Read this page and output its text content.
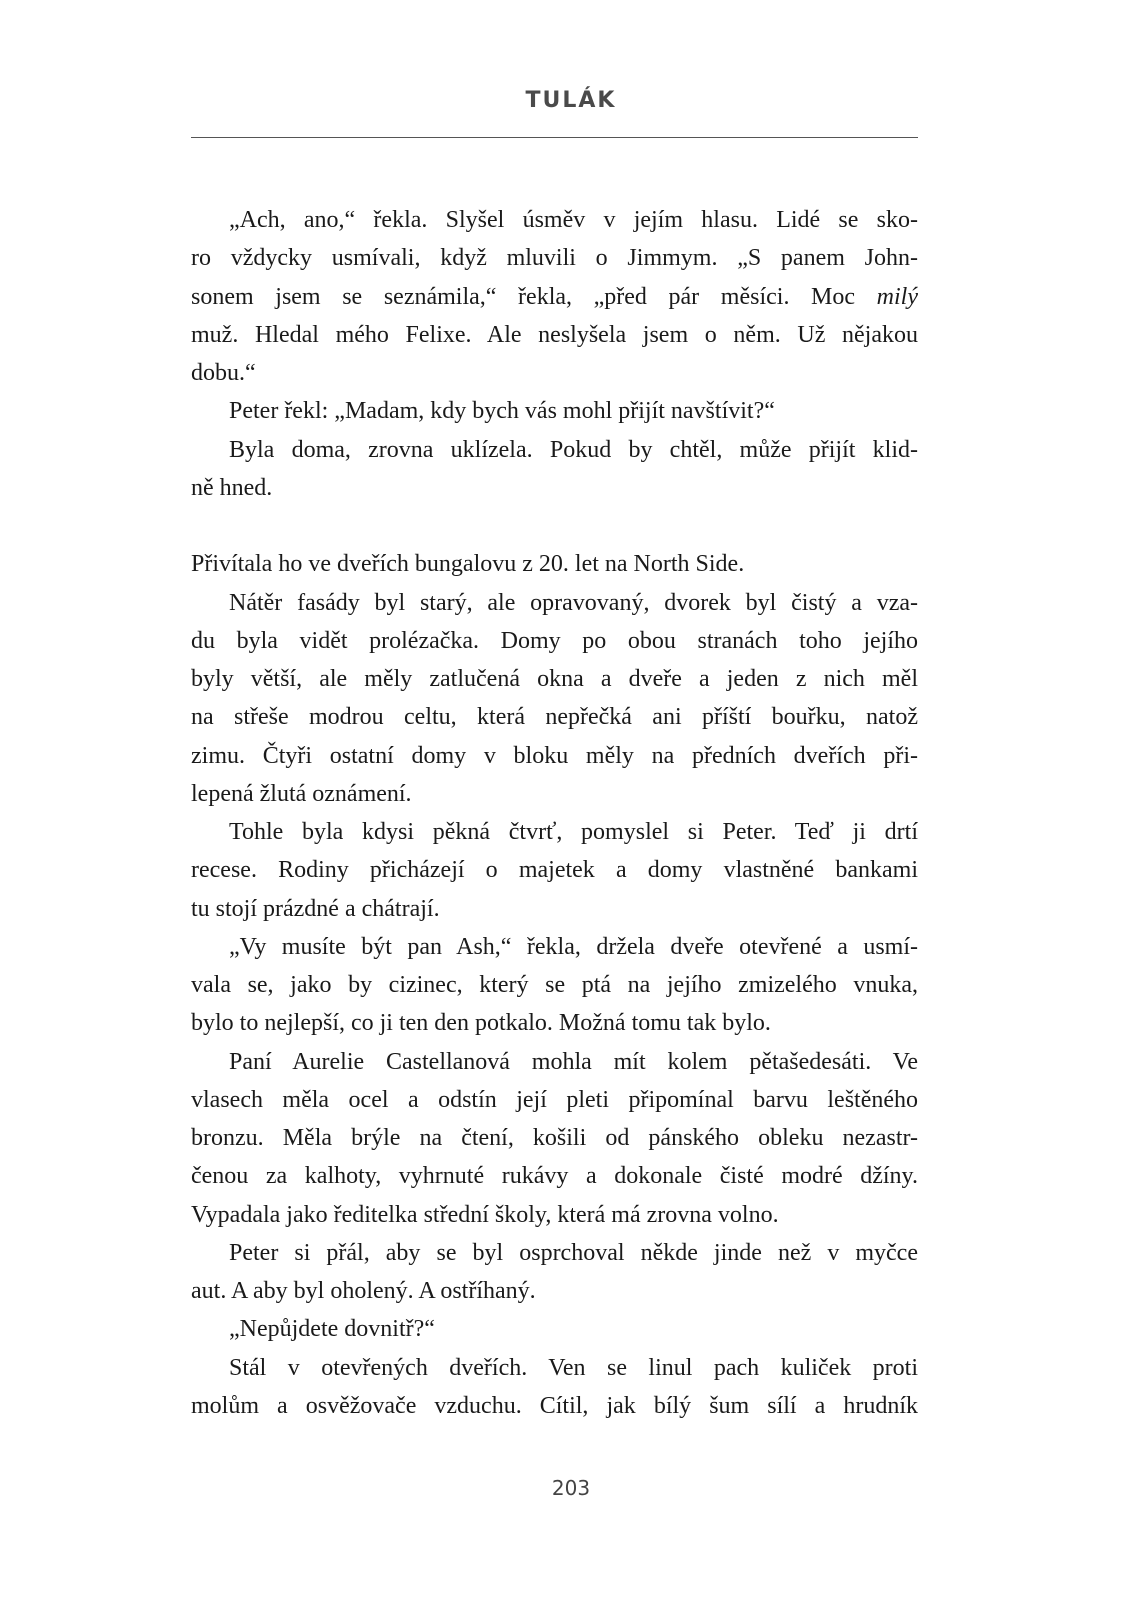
TULÁK
„Ach, ano,“ řekla. Slyšel úsměv v jejím hlasu. Lidé se sko-
ro vždycky usmívali, když mluvili o Jimmym. „S panem John-
sonem jsem se seznámila,“ řekla, „před pár měsíci. Moc milý
muž. Hledal mého Felixe. Ale neslyšela jsem o něm. Už nějakou
dobu.“
Peter řekl: „Madam, kdy bych vás mohl přijít navštívit?“
Byla doma, zrovna uklízela. Pokud by chtěl, může přijít klid-
ně hned.
Přivítala ho ve dveřích bungalovu z 20. let na North Side.
Nátěr fasády byl starý, ale opravovaný, dvorek byl čistý a vza-
du byla vidět prolézačka. Domy po obou stranách toho jejího
byly větší, ale měly zatlučená okna a dveře a jeden z nich měl
na střeše modrou celtu, která nepřečká ani příští bouřku, natož
zimu. Čtyři ostatní domy v bloku měly na předních dveřích při-
lepená žlutá oznámení.
Tohle byla kdysi pěkná čtvrť, pomyslel si Peter. Teď ji drtí
recese. Rodiny přicházejí o majetek a domy vlastněné bankami
tu stojí prázdné a chátrají.
„Vy musíte být pan Ash,“ řekla, držela dveře otevřené a usmí-
vala se, jako by cizinec, který se ptá na jejího zmizelého vnuka,
bylo to nejlepší, co ji ten den potkalo. Možná tomu tak bylo.
Paní Aurelie Castellanová mohla mít kolem pětašedesáti. Ve
vlasech měla ocel a odstín její pleti připomínal barvu leštěného
bronzu. Měla brýle na čtení, košili od pánského obleku nezastr-
čenou za kalhoty, vyhrnuté rukávy a dokonale čisté modré džíny.
Vypadala jako ředitelka střední školy, která má zrovna volno.
Peter si přál, aby se byl osprchoval někde jinde než v myčce
aut. A aby byl oholený. A ostříhaný.
„Nepůjdete dovnitř?“
Stál v otevřených dveřích. Ven se linul pach kuliček proti
molům a osvěžovače vzduchu. Cítil, jak bílý šum sílí a hrudník
203
